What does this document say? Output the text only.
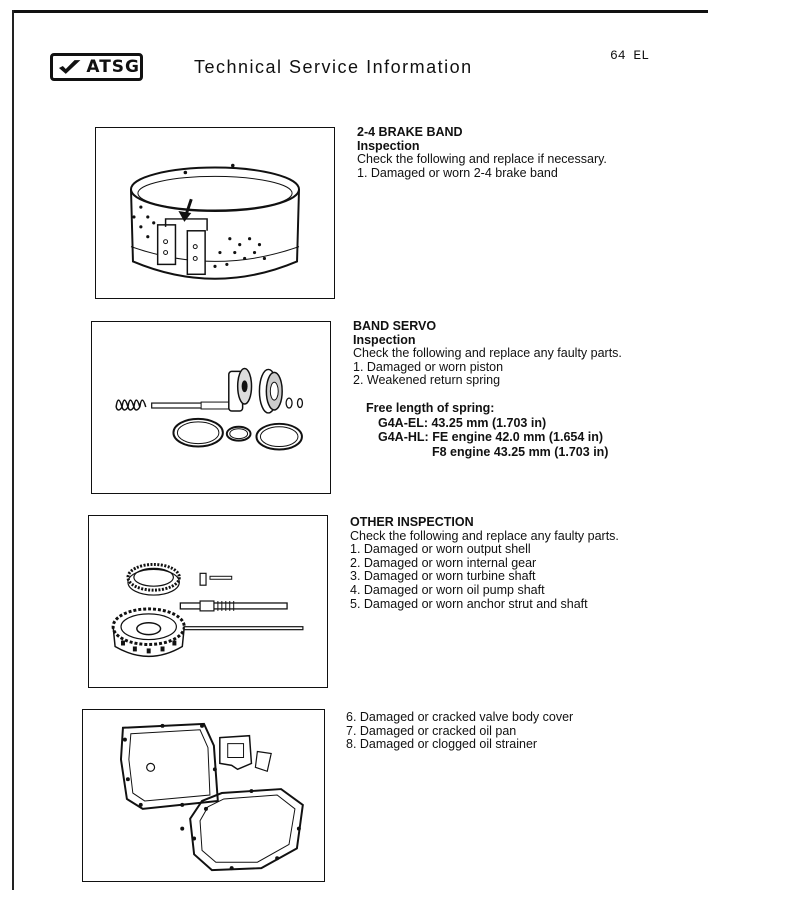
ATSG	Technical Service Information
64 EL
2-4 BRAKE BAND
Inspection
Check the following and replace if necessary.
1. Damaged or worn 2-4 brake band
BAND SERVO
Inspection
Check the following and replace any faulty parts.
1. Damaged or worn piston
2. Weakened return spring
Free length of spring:
G4A-EL: 43.25 mm (1.703 in)
G4A-HL: FE engine 42.0 mm (1.654 in)
F8 engine 43.25 mm (1.703 in)
OTHER INSPECTION
Check the following and replace any faulty parts.
1. Damaged or worn output shell
2. Damaged or worn internal gear
3. Damaged or worn turbine shaft
4. Damaged or worn oil pump shaft
5. Damaged or worn anchor strut and shaft
6. Damaged or cracked valve body cover
7. Damaged or cracked oil pan
8. Damaged or clogged oil strainer
